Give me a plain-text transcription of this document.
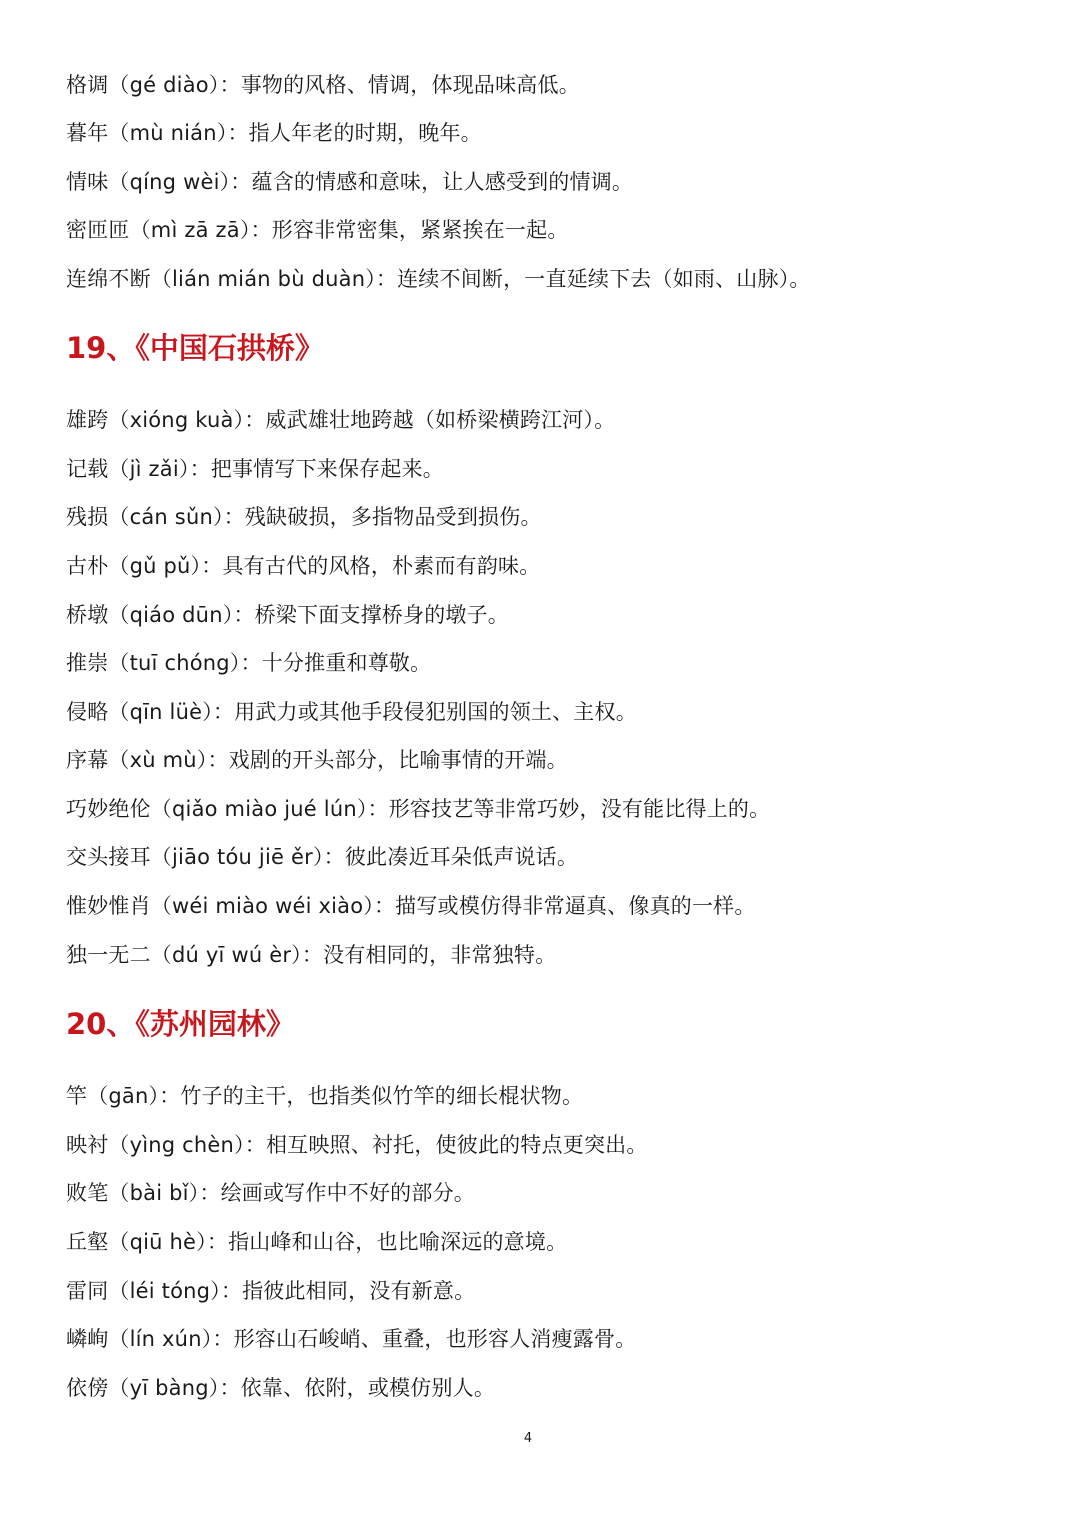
格调（gé diào）：事物的风格、情调，体现品味高低。
暮年（mù nián）：指人年老的时期，晚年。
情味（qíng wèi）：蕴含的情感和意味，让人感受到的情调。
密匝匝（mì zā zā）：形容非常密集，紧紧挨在一起。
连绵不断（lián mián bù duàn）：连续不间断，一直延续下去（如雨、山脉）。
19、《中国石拱桥》
雄跨（xióng kuà）：威武雄壮地跨越（如桥梁横跨江河）。
记载（jì zǎi）：把事情写下来保存起来。
残损（cán sǔn）：残缺破损，多指物品受到损伤。
古朴（gǔ pǔ）：具有古代的风格，朴素而有韵味。
桥墩（qiáo dūn）：桥梁下面支撑桥身的墩子。
推崇（tuī chóng）：十分推重和尊敬。
侵略（qīn lüè）：用武力或其他手段侵犯别国的领土、主权。
序幕（xù mù）：戏剧的开头部分，比喻事情的开端。
巧妙绝伦（qiǎo miào jué lún）：形容技艺等非常巧妙，没有能比得上的。
交头接耳（jiāo tóu jiē ěr）：彼此凑近耳朵低声说话。
惟妙惟肖（wéi miào wéi xiào）：描写或模仿得非常逼真、像真的一样。
独一无二（dú yī wú èr）：没有相同的，非常独特。
20、《苏州园林》
竿（gān）：竹子的主干，也指类似竹竿的细长棍状物。
映衬（yìng chèn）：相互映照、衬托，使彼此的特点更突出。
败笔（bài bǐ）：绘画或写作中不好的部分。
丘壑（qiū hè）：指山峰和山谷，也比喻深远的意境。
雷同（léi tóng）：指彼此相同，没有新意。
嶙峋（lín xún）：形容山石峻峭、重叠，也形容人消瘦露骨。
依傍（yī bàng）：依靠、依附，或模仿别人。
4
